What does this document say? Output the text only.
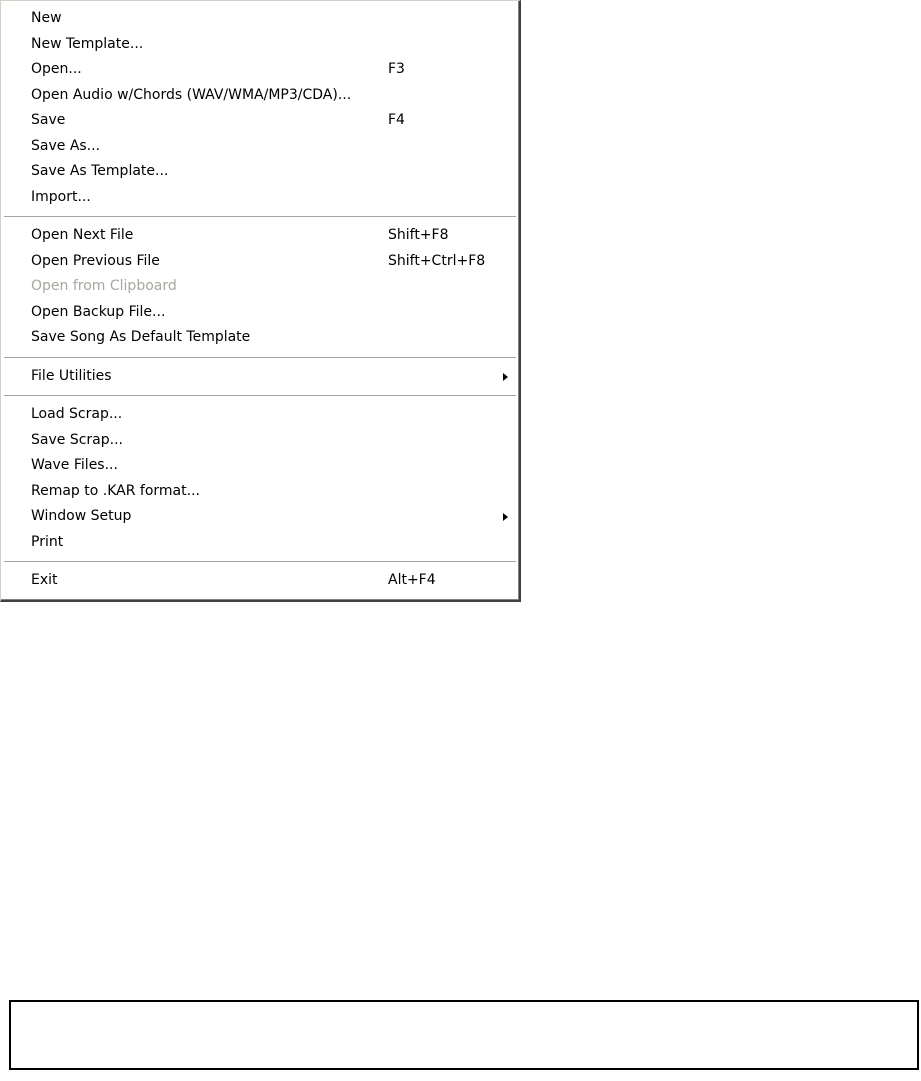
New
New Template...
Open...	F3
Open Audio w/Chords (WAV/WMA/MP3/CDA)...
Save	F4
Save As...
Save As Template...
Import...
Open Next File	Shift+F8
Open Previous File	Shift+Ctrl+F8
Open from Clipboard
Open Backup File...
Save Song As Default Template
File Utilities
Load Scrap...
Save Scrap...
Wave Files...
Remap to .KAR format...
Window Setup
Print
Exit	Alt+F4
